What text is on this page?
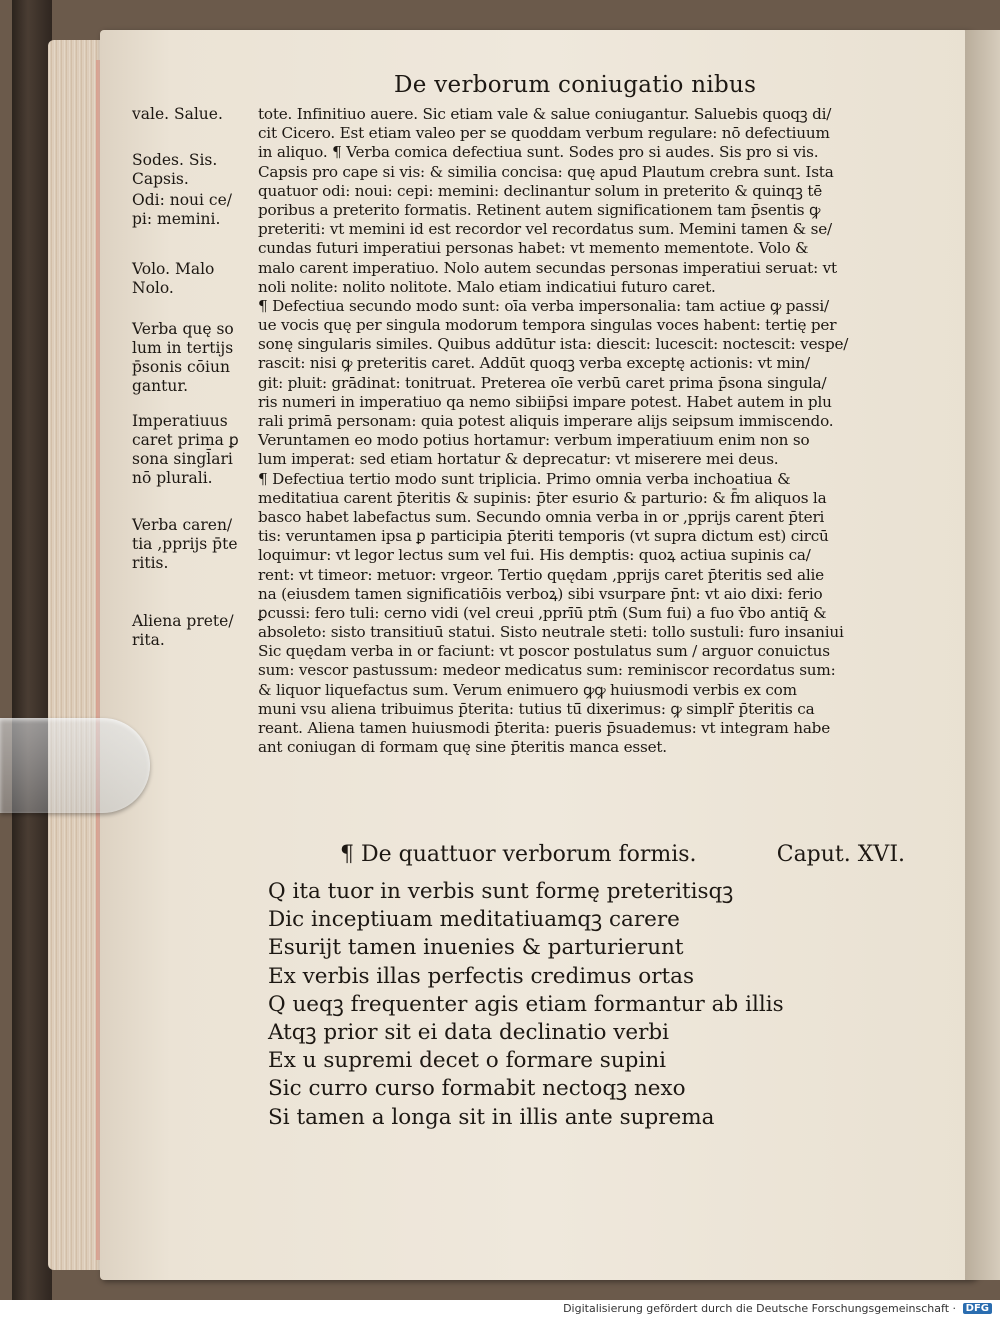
De verborum coniugatio nibus
tote. Infinitiuo auere. Sic etiam vale & salue coniugantur. Saluebis quoqꝫ di/
cit Cicero. Est etiam valeo per se quoddam verbum regulare: nō defectiuum
in aliquo. ¶ Verba comica defectiua sunt. Sodes pro si audes. Sis pro si vis.
Capsis pro cape si vis: & similia concisa: quę apud Plautum crebra sunt. Ista
quatuor odi: noui: cepi: memini: declinantur solum in preterito & quinqꝫ tē
poribus a preterito formatis. Retinent autem significationem tam p̄sentis ꝙ
preteriti: vt memini id est recordor vel recordatus sum. Memini tamen & se/
cundas futuri imperatiui personas habet: vt memento mementote. Volo &
malo carent imperatiuo. Nolo autem secundas personas imperatiui seruat: vt
noli nolite: nolito nolitote. Malo etiam indicatiui futuro caret.
¶ Defectiua secundo modo sunt: oīa verba impersonalia: tam actiue ꝙ passi/
ue vocis quę per singula modorum tempora singulas voces habent: tertię per
sonę singularis similes. Quibus addūtur ista: diescit: lucescit: noctescit: vespe/
rascit: nisi ꝙ preteritis caret. Addūt quoqꝫ verba exceptę actionis: vt min/
git: pluit: grādinat: tonitruat. Preterea oīe verbū caret prima p̄sona singula/
ris numeri in imperatiuo qa nemo sibiip̄si impare potest. Habet autem in plu
rali primā personam: quia potest aliquis imperare alijs seipsum immiscendo.
Veruntamen eo modo potius hortamur: verbum imperatiuum enim non so
lum imperat: sed etiam hortatur & deprecatur: vt miserere mei deus.
¶ Defectiua tertio modo sunt triplicia. Primo omnia verba inchoatiua &
meditatiua carent p̄teritis & supinis: p̄ter esurio & parturio: & f̄m aliquos la
basco habet labefactus sum. Secundo omnia verba in or ,pprijs carent p̄teri
tis: veruntamen ipsa ꝑ participia p̄teriti temporis (vt supra dictum est) circū
loquimur: vt legor lectus sum vel fui. His demptis: quoꝝ actiua supinis ca/
rent: vt timeor: metuor: vrgeor. Tertio quędam ,pprijs caret p̄teritis sed alie
na (eiusdem tamen significatiōis verboꝝ) sibi vsurpare p̄nt: vt aio dixi: ferio
ꝑcussi: fero tuli: cerno vidi (vel creui ,pprīū ptm̄ (Sum fui) a fuo v̄bo antiq̄ &
absoleto: sisto transitiuū statui. Sisto neutrale steti: tollo sustuli: furo insaniui
Sic quędam verba in or faciunt: vt poscor postulatus sum / arguor conuictus
sum: vescor pastussum: medeor medicatus sum: reminiscor recordatus sum:
& liquor liquefactus sum. Verum enimuero ꝙꝙ huiusmodi verbis ex com
muni vsu aliena tribuimus p̄terita: tutius tū̄ dixerimus: ꝙ simplr̄ p̄teritis ca
reant. Aliena tamen huiusmodi p̄terita: pueris p̄suademus: vt integram habe
ant coniugan di formam quę sine p̄teritis manca esset.
vale. Salue.
Sodes. Sis.
Capsis.
Odi: noui ce/
pi: memini.
Volo. Malo
Nolo.
Verba quę so
lum in tertijs
p̄sonis cōiun
gantur.
Imperatiuus
caret prima ꝑ
sona singl̄ari
nō plurali.
Verba caren/
tia ,pprijs p̄te
ritis.
Aliena prete/
rita.
¶ De quattuor verborum formis.	Caput. XVI.
Q ita tuor in verbis sunt formę preteritisqꝫ
Dic inceptiuam meditatiuamqꝫ carere
Esurijt tamen inuenies & parturierunt
Ex verbis illas perfectis credimus ortas
Q ueqꝫ frequenter agis etiam formantur ab illis
Atqꝫ prior sit ei data declinatio verbi
Ex u supremi decet o formare supini
Sic curro curso formabit nectoqꝫ nexo
Si tamen a longa sit in illis ante suprema
Digitalisierung gefördert durch die Deutsche Forschungsgemeinschaft · DFG
